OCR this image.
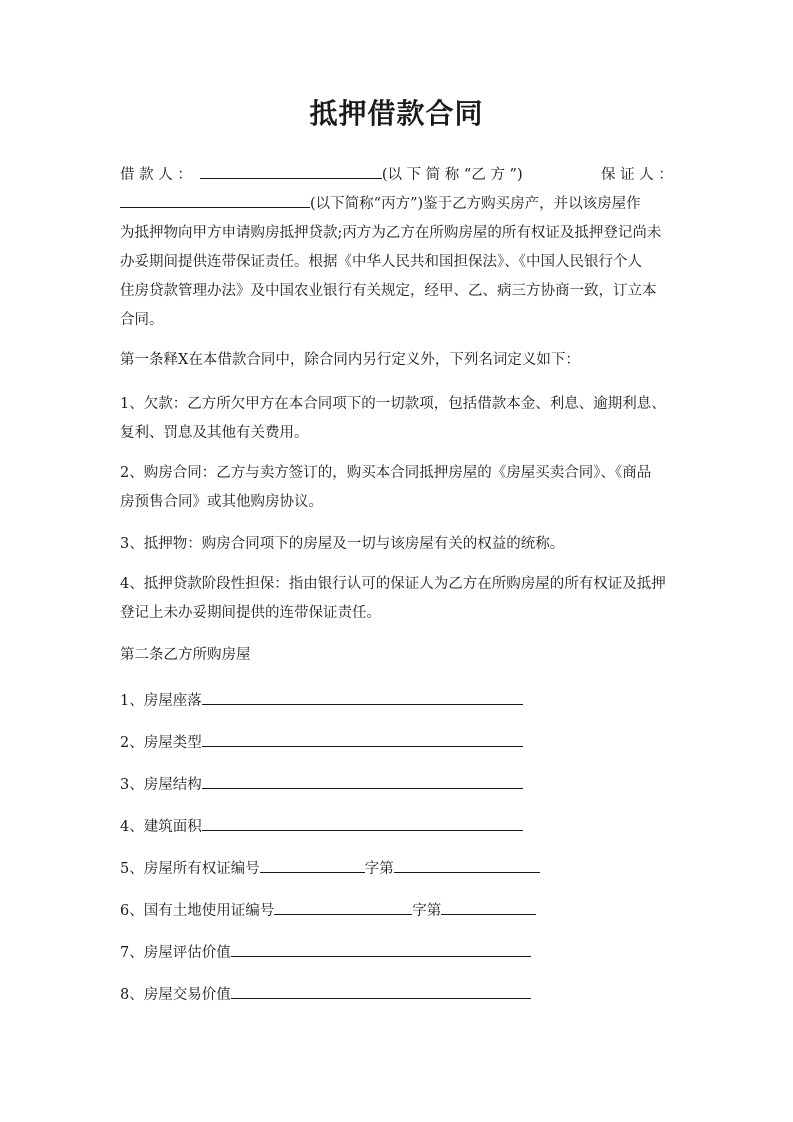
抵押借款合同
借 款 人 ：	(以 下 简 称 “乙 方 ”)	保 证 人 ：
(以下简称“丙方”)鉴于乙方购买房产，并以该房屋作
为抵押物向甲方申请购房抵押贷款;丙方为乙方在所购房屋的所有权证及抵押登记尚未
办妥期间提供连带保证责任。根据《中华人民共和国担保法》、《中国人民银行个人
住房贷款管理办法》及中国农业银行有关规定，经甲、乙、病三方协商一致，订立本
合同。
第一条释Ⅹ在本借款合同中，除合同内另行定义外，下列名词定义如下：
1、欠款：乙方所欠甲方在本合同项下的一切款项，包括借款本金、利息、逾期利息、
复利、罚息及其他有关费用。
2、购房合同：乙方与卖方签订的，购买本合同抵押房屋的《房屋买卖合同》、《商品
房预售合同》或其他购房协议。
3、抵押物：购房合同项下的房屋及一切与该房屋有关的权益的统称。
4、抵押贷款阶段性担保：指由银行认可的保证人为乙方在所购房屋的所有权证及抵押
登记上未办妥期间提供的连带保证责任。
第二条乙方所购房屋
1、房屋座落
2、房屋类型
3、房屋结构
4、建筑面积
5、房屋所有权证编号	字第
6、国有土地使用证编号	字第
7、房屋评估价值
8、房屋交易价值
